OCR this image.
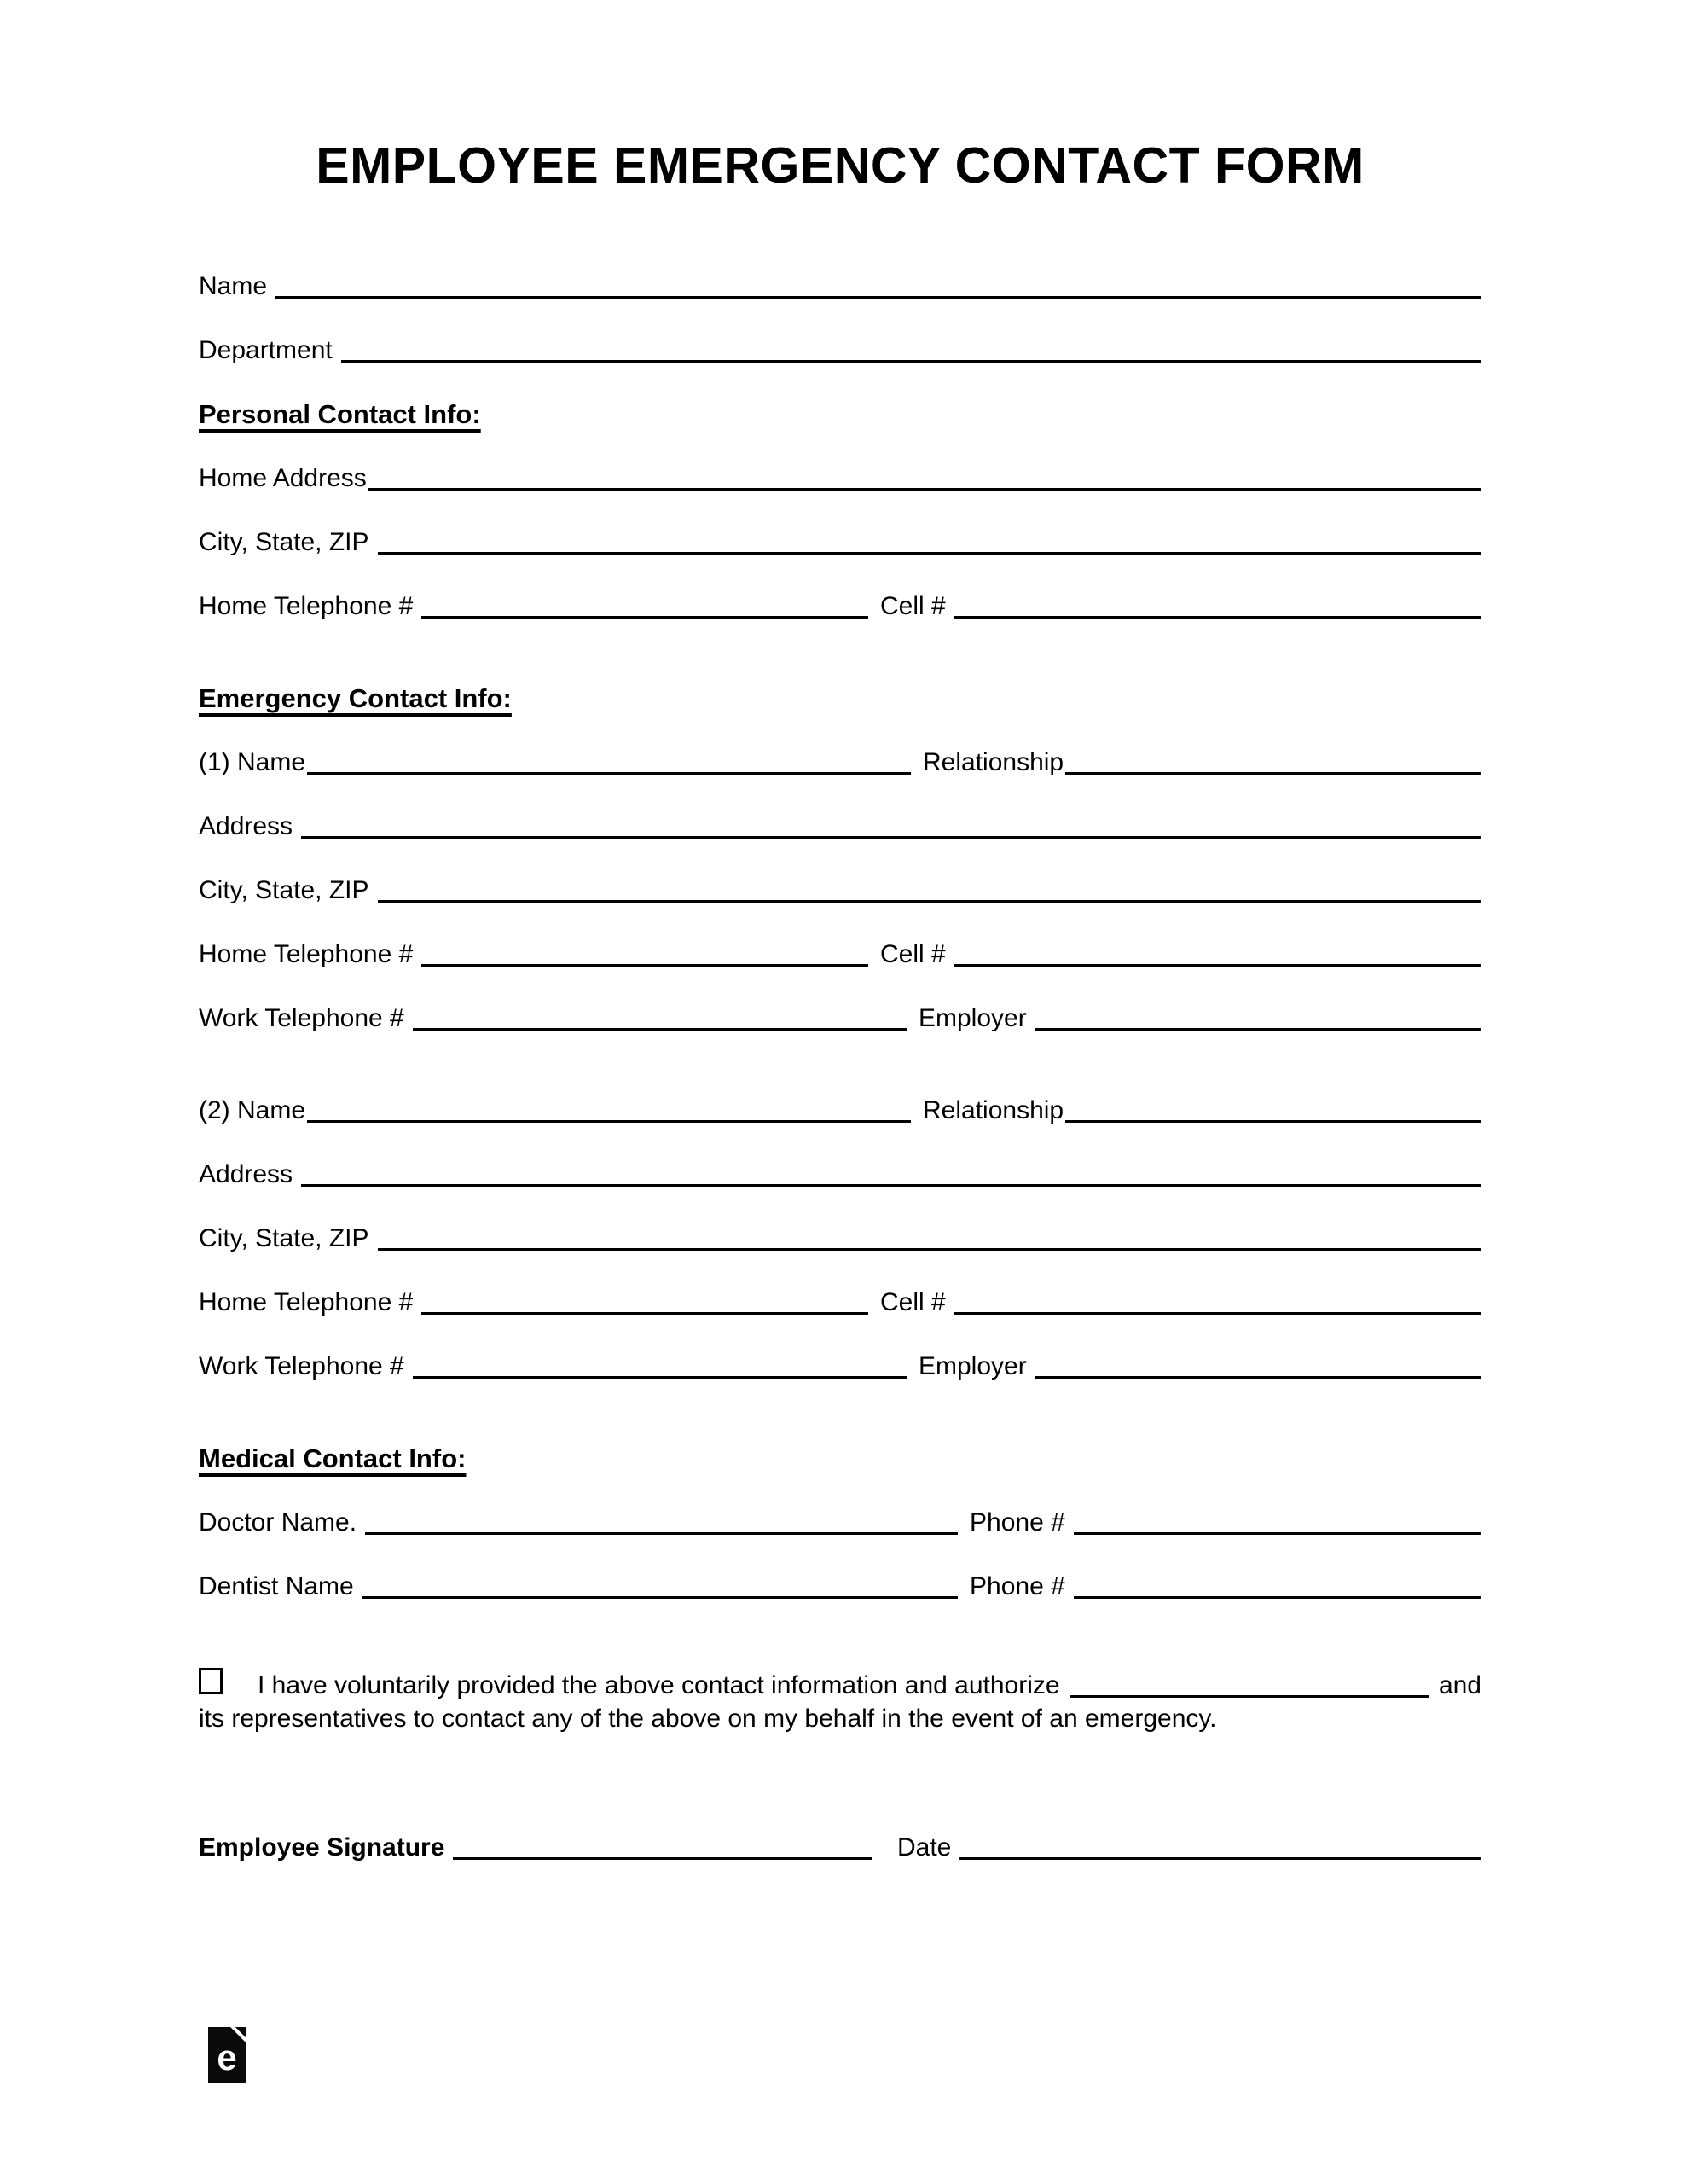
EMPLOYEE EMERGENCY CONTACT FORM
Name
Department
Personal Contact Info:
Home Address
City, State, ZIP
Home Telephone #	Cell #
Emergency Contact Info:
(1) Name	Relationship
Address
City, State, ZIP
Home Telephone #	Cell #
Work Telephone #	Employer
(2) Name	Relationship
Address
City, State, ZIP
Home Telephone #	Cell #
Work Telephone #	Employer
Medical Contact Info:
Doctor Name.	Phone #
Dentist Name	Phone #
I have voluntarily provided the above contact information and authorize	and
its representatives to contact any of the above on my behalf in the event of an emergency.
Employee Signature	Date
e
